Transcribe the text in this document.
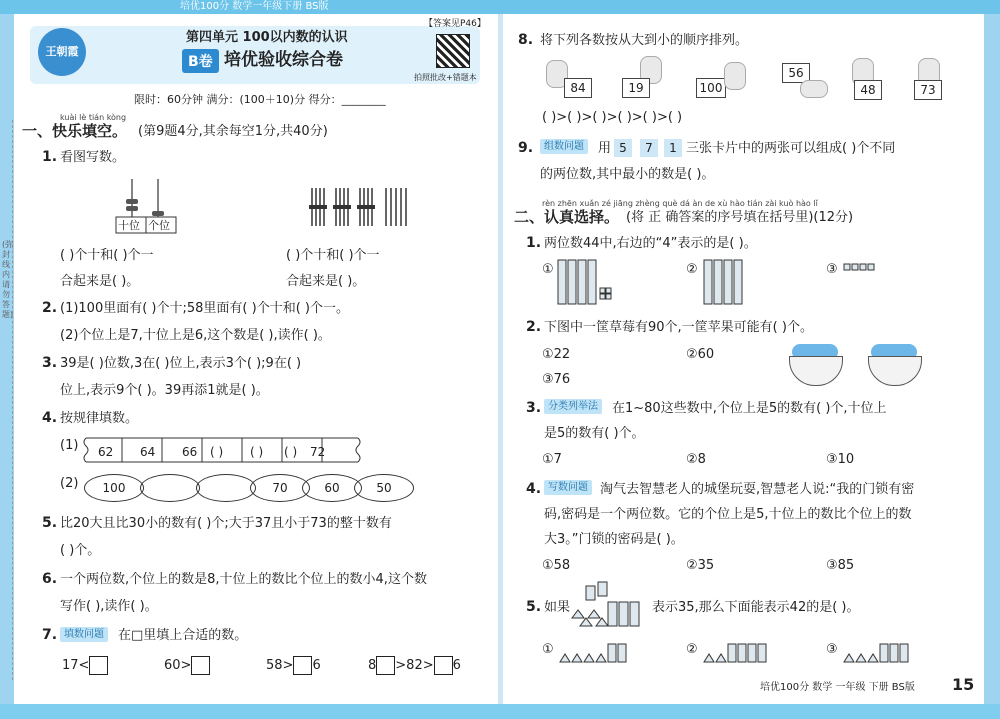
培优100分 数学一年级下册 BS版
(弥封线内请勿答题)
王朝霞
第四单元 100以内数的认识
B卷 培优验收综合卷
【答案见P46】
拍照批改+错题本
限时：60分钟 满分：(100＋10)分 得分：________
kuài lè tián kòng
一、快乐填空。 (第9题4分,其余每空1分,共40分)
1. 看图写数。
十位 个位
( )个十和( )个一	( )个十和( )个一
合起来是( )。	合起来是( )。
2. (1)100里面有( )个十;58里面有( )个十和( )个一。
(2)个位上是7,十位上是6,这个数是( ),读作( )。
3. 39是( )位数,3在( )位上,表示3个( );9在( )
位上,表示9个( )。39再添1就是( )。
4. 按规律填数。
(1) 62 64 66 ( ) ( ) ( ) 72
(2)	100	70	60	50
5. 比20大且比30小的数有( )个;大于37且小于73的整十数有
( )个。
6. 一个两位数,个位上的数是8,十位上的数比个位上的数小4,这个数
写作( ),读作( )。
7. 填数问题	在□里填上合适的数。
17<	60>	58> 6	8 >82> 6
8. 将下列各数按从大到小的顺序排列。
84	19	100
56
48	73
( )>( )>( )>( )>( )>( )
9.	组数问题	用 5	7	1 三张卡片中的两张可以组成( )个不同
的两位数,其中最小的数是( )。
rèn zhēn xuǎn zé jiāng zhèng què dá àn de xù hào tián zài kuò hào lǐ
二、认真选择。 (将 正 确答案的序号填在括号里)(12分)
1. 两位数44中,右边的“4”表示的是( )。
①	②	③
2. 下图中一筐草莓有90个,一筐苹果可能有( )个。
①22	②60
③76
3. 分类列举法	在1~80这些数中,个位上是5的数有( )个,十位上
是5的数有( )个。
①7	②8	③10
4. 写数问题 淘气去智慧老人的城堡玩耍,智慧老人说:“我的门锁有密
码,密码是一个两位数。它的个位上是5,十位上的数比个位上的数
大3。”门锁的密码是( )。
①58	②35	③85
5. 如果	表示35,那么下面能表示42的是( )。
①	②	③
培优100分 数学 一年级 下册 BS版 15
